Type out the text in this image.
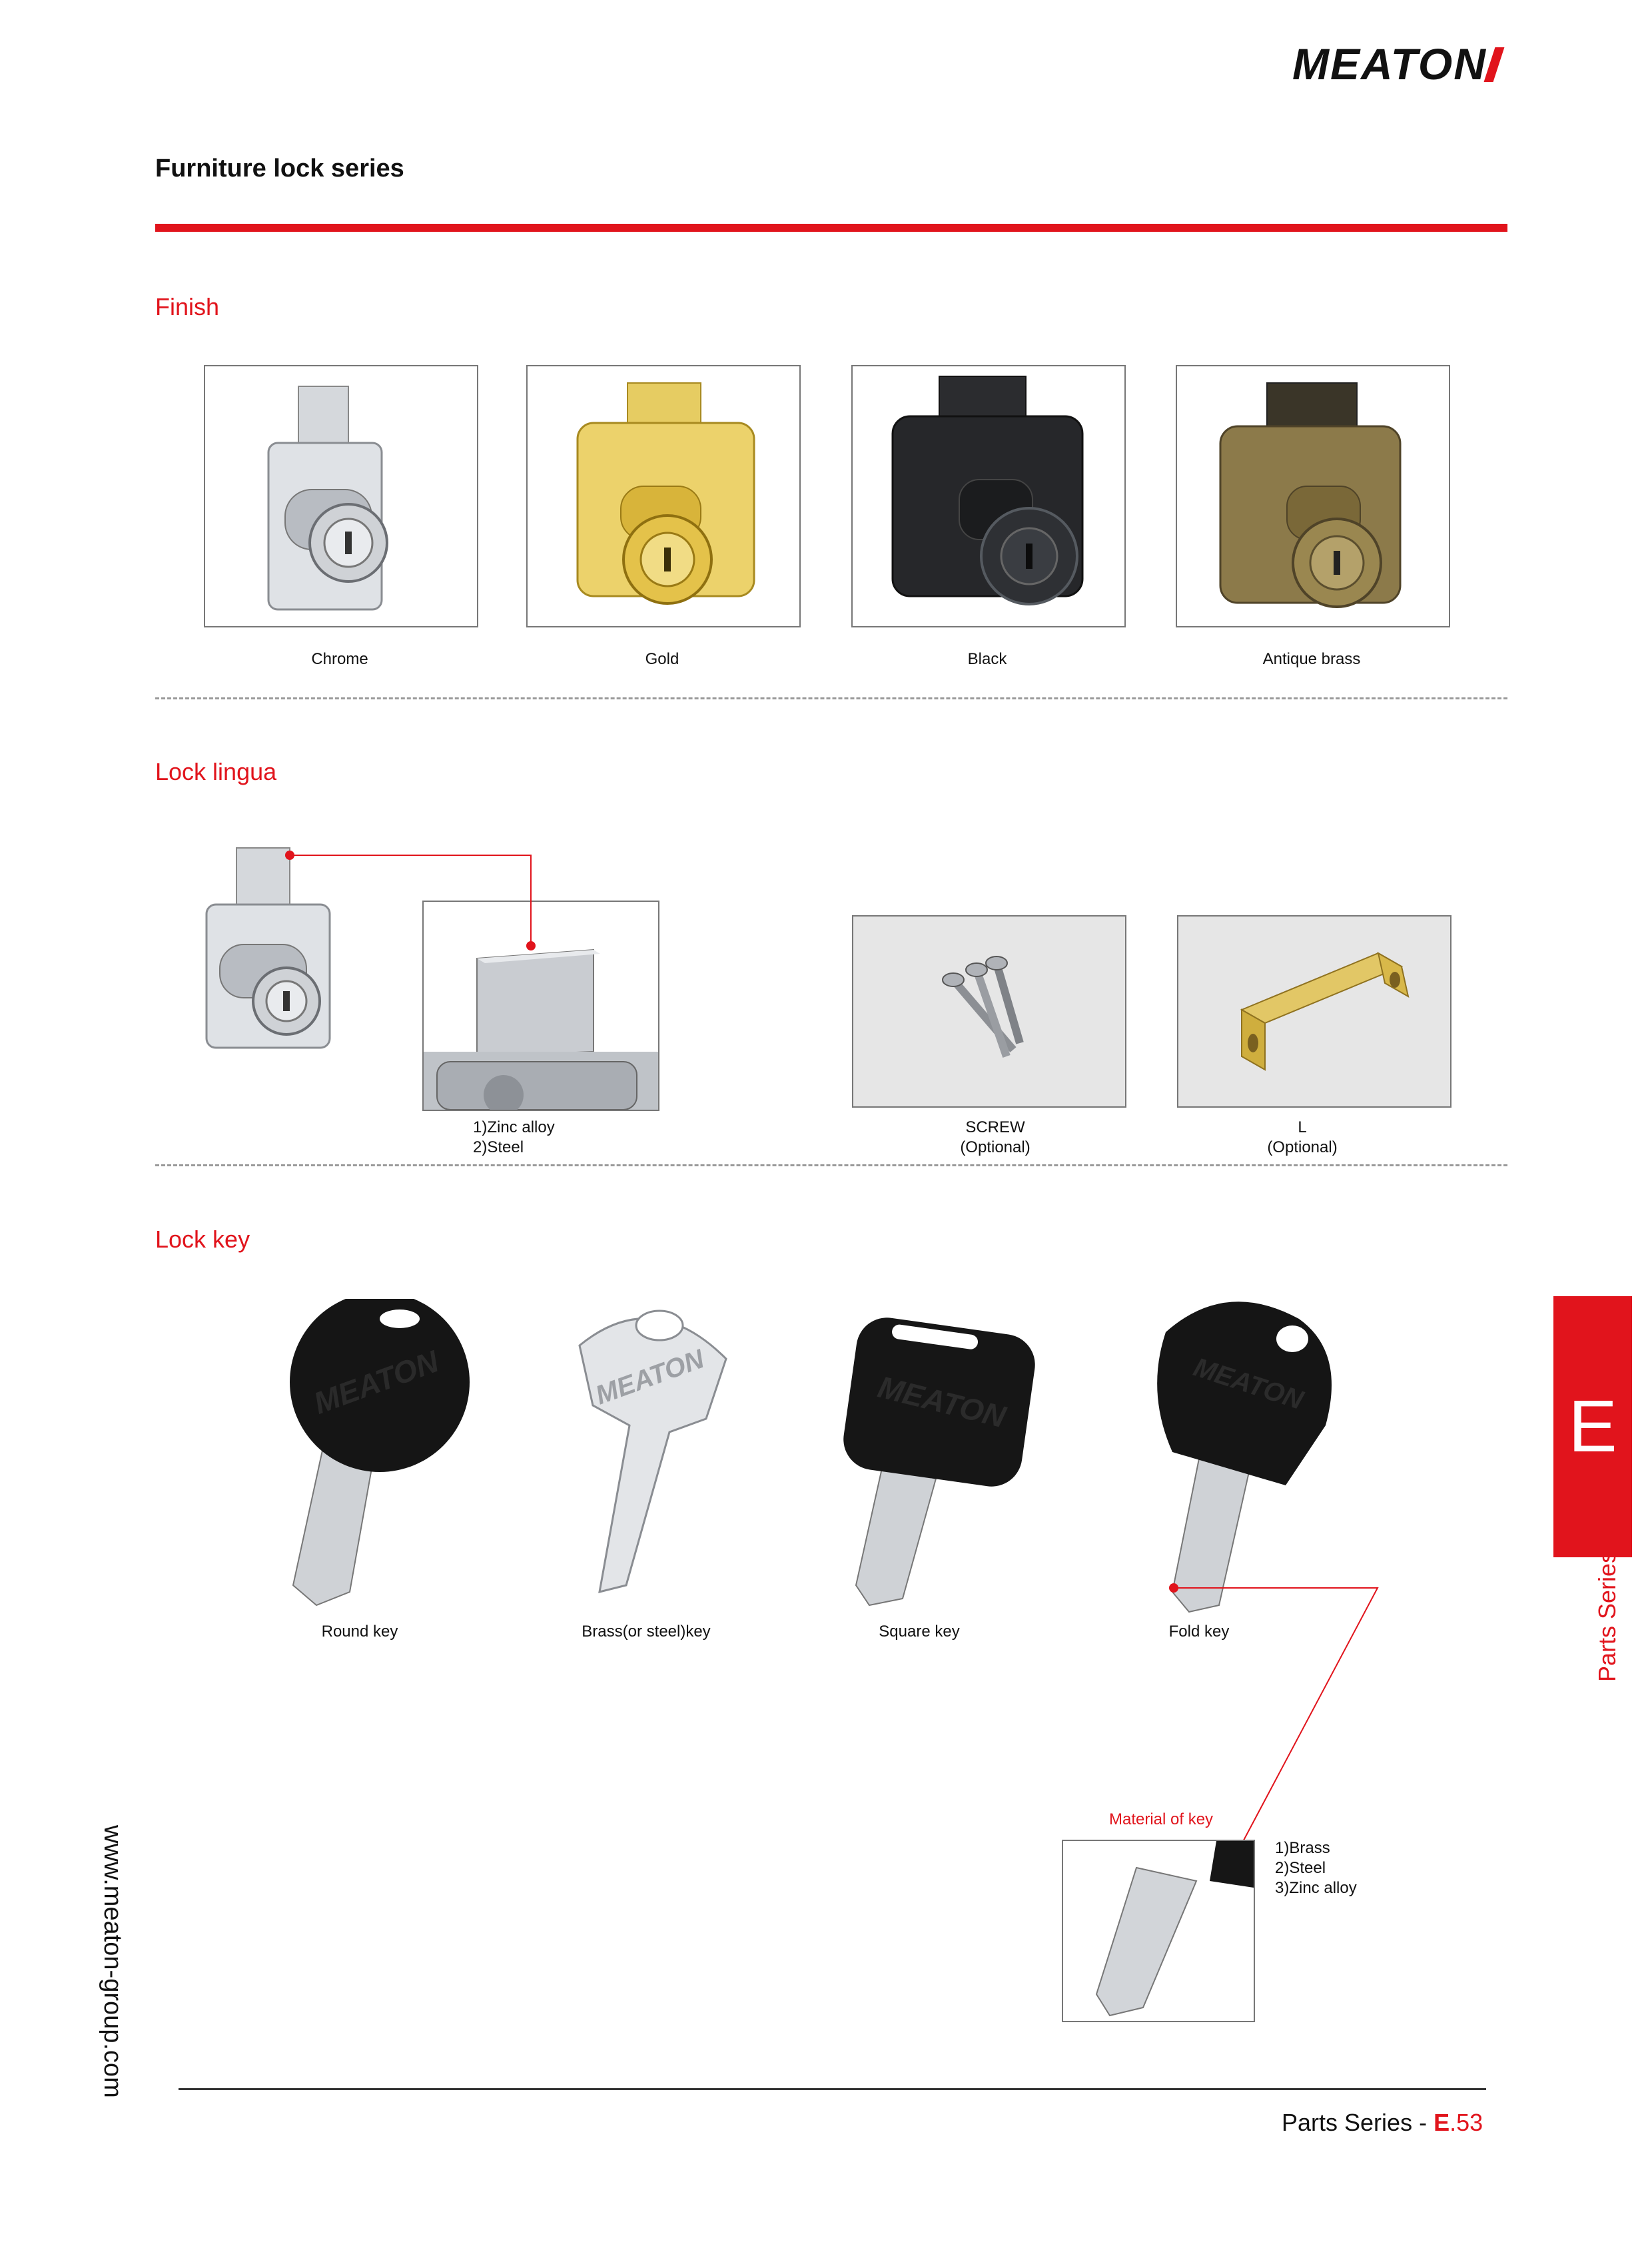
MEATON
Furniture lock series
Finish
Chrome	Gold	Black	Antique brass
Lock lingua
1)Zinc alloy
2)Steel
SCREW
(Optional)
L
(Optional)
Lock key
MEATON	MEATON	MEATON	MEATON
Round key	Brass(or steel)key	Square key	Fold key
Material of key
1)Brass
2)Steel
3)Zinc alloy
E
Parts Series
www.meaton-group.com
Parts Series - E.53
